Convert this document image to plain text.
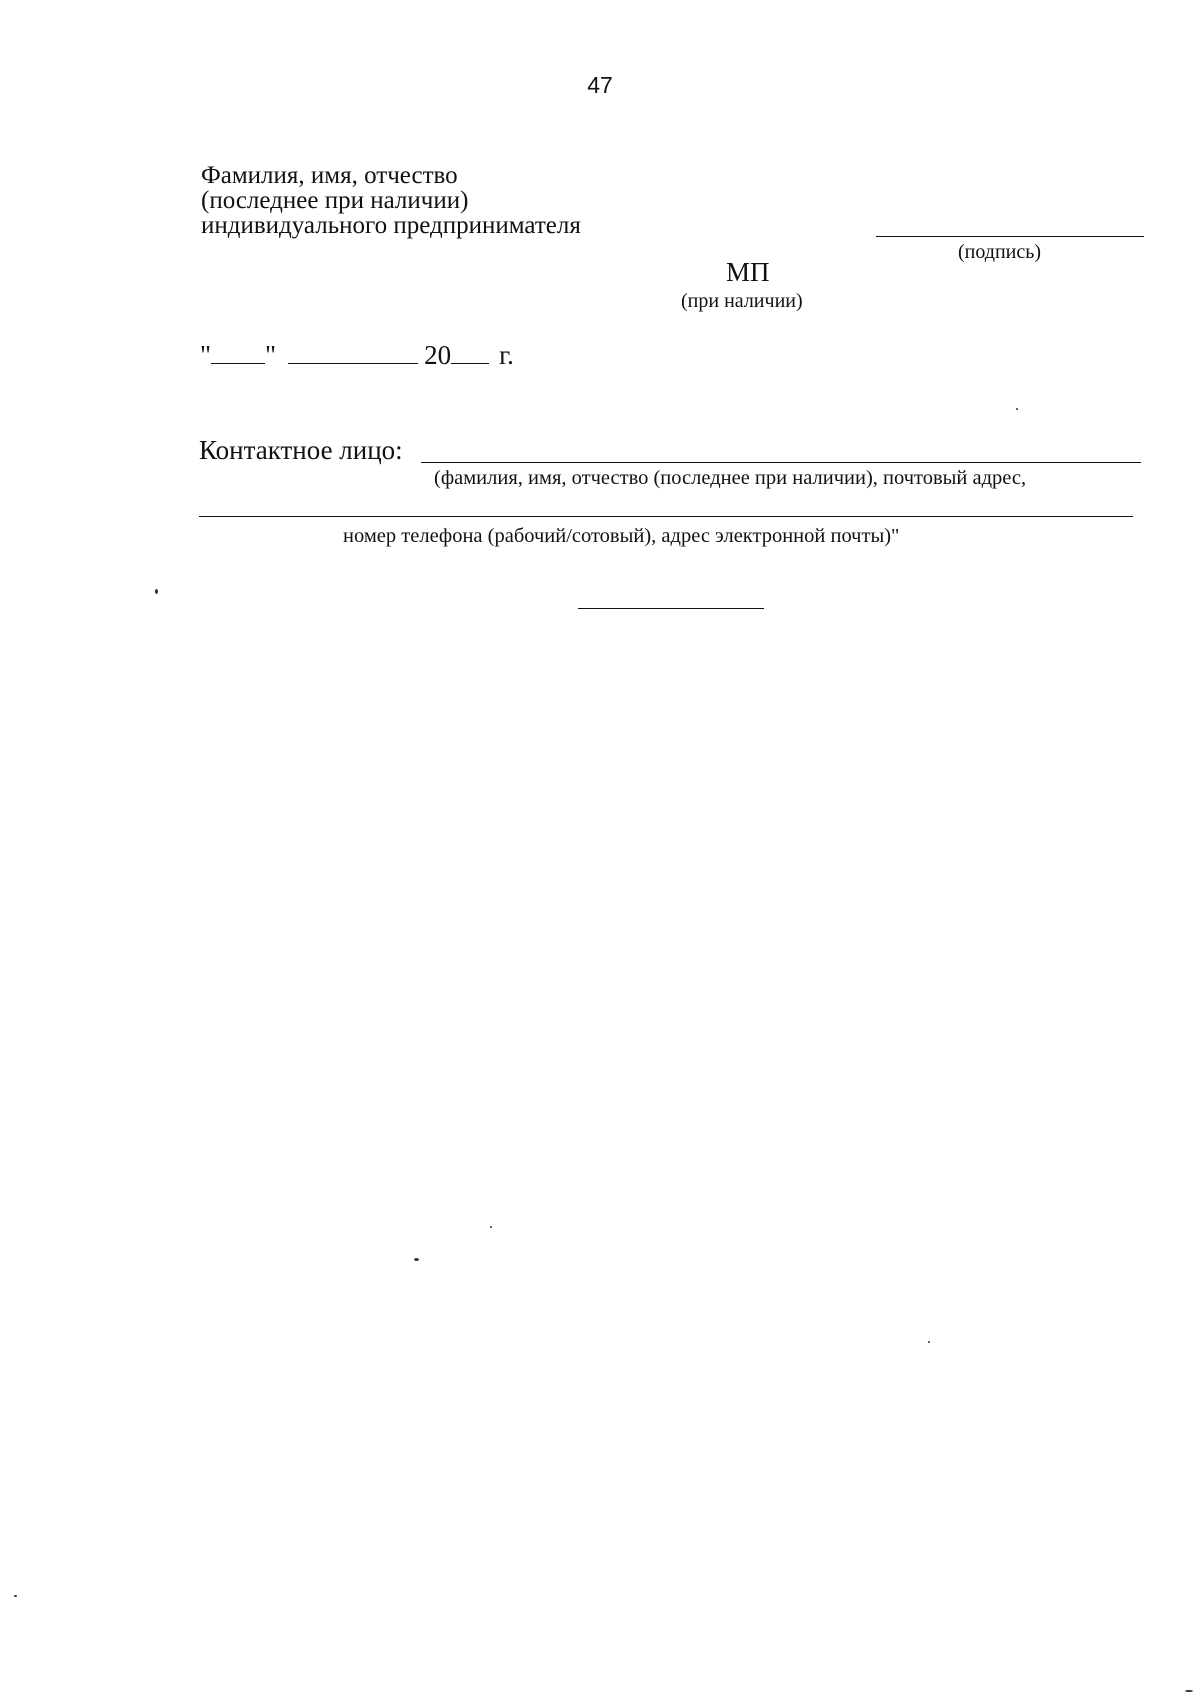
47
Фамилия, имя, отчество
(последнее при наличии)
индивидуального предпринимателя
(подпись)
МП
(при наличии)
" "	20 г.
Контактное лицо:
(фамилия, имя, отчество (последнее при наличии), почтовый адрес,
номер телефона (рабочий/сотовый), адрес электронной почты)"
